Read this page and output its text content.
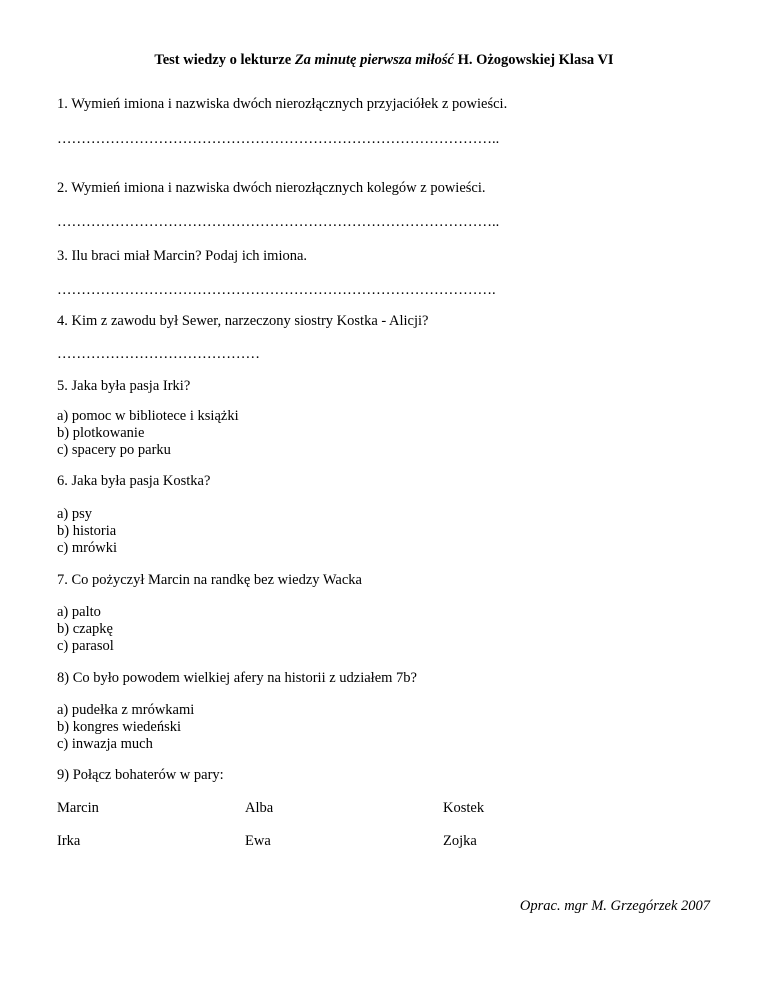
Test wiedzy o lekturze Za minutę pierwsza miłość H. Ożogowskiej Klasa VI
1. Wymień imiona i nazwiska dwóch nierozłącznych przyjaciółek z powieści.
………………………………………………………………………………..
2. Wymień imiona i nazwiska dwóch nierozłącznych kolegów z powieści.
………………………………………………………………………………..
3. Ilu braci miał Marcin? Podaj ich imiona.
……………………………………………………………………………….
4. Kim z zawodu był Sewer, narzeczony siostry Kostka - Alicji?
……………………………………
5. Jaka była pasja Irki?
a) pomoc w bibliotece i książki
b) plotkowanie
c) spacery po parku
6. Jaka była pasja Kostka?
a) psy
b) historia
c) mrówki
7. Co pożyczył Marcin na randkę bez wiedzy Wacka
a) palto
b) czapkę
c) parasol
8) Co było powodem wielkiej afery na historii z udziałem 7b?
a) pudełka z mrówkami
b) kongres wiedeński
c) inwazja much
9) Połącz bohaterów w pary:
Marcin	Alba	Kostek
Irka	Ewa	Zojka
Oprac. mgr M. Grzegórzek 2007
